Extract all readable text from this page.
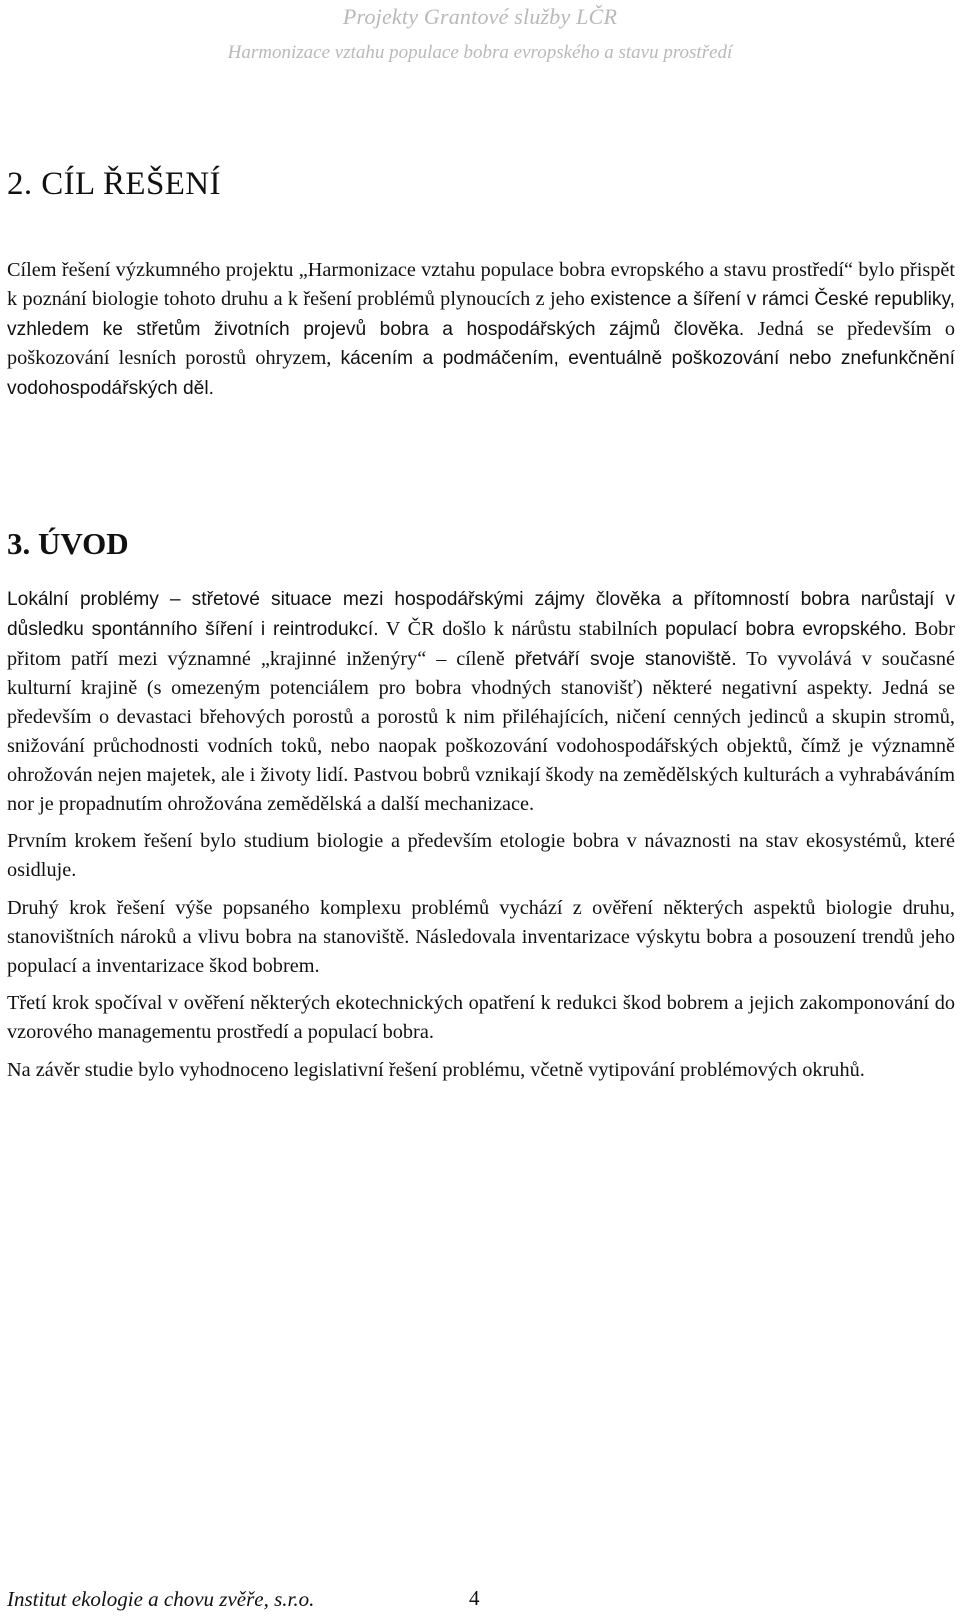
Projekty Grantové služby LČR
Harmonizace vztahu populace bobra evropského a stavu prostředí
2. CÍL ŘEŠENÍ

Cílem řešení výzkumného projektu „Harmonizace vztahu populace bobra evropského a stavu prostředí“ bylo přispět k poznání biologie tohoto druhu a k řešení problémů plynoucích z jeho existence a šíření v rámci České republiky, vzhledem ke střetům životních projevů bobra a hospodářských zájmů člověka. Jedná se především o poškozování lesních porostů ohryzem, kácením a podmáčením, eventuálně poškozování nebo znefunkčnění vodohospodářských děl.

3. ÚVOD

Lokální problémy – střetové situace mezi hospodářskými zájmy člověka a přítomností bobra narůstají v důsledku spontánního šíření i reintrodukcí. V ČR došlo k nárůstu stabilních populací bobra evropského. Bobr přitom patří mezi významné „krajinné inženýry“ – cíleně přetváří svoje stanoviště. To vyvolává v současné kulturní krajině (s omezeným potenciálem pro bobra vhodných stanovišť) některé negativní aspekty. Jedná se především o devastaci břehových porostů a porostů k nim přiléhajících, ničení cenných jedinců a skupin stromů, snižování průchodnosti vodních toků, nebo naopak poškozování vodohospodářských objektů, čímž je významně ohrožován nejen majetek, ale i životy lidí. Pastvou bobrů vznikají škody na zemědělských kulturách a vyhrabáváním nor je propadnutím ohrožována zemědělská a další mechanizace.

Prvním krokem řešení bylo studium biologie a především etologie bobra v návaznosti na stav ekosystémů, které osidluje.

Druhý krok řešení výše popsaného komplexu problémů vychází z ověření některých aspektů biologie druhu, stanovištních nároků a vlivu bobra na stanoviště. Následovala inventarizace výskytu bobra a posouzení trendů jeho populací a inventarizace škod bobrem.

Třetí krok spočíval v ověření některých ekotechnických opatření k redukci škod bobrem a jejich zakomponování do vzorového managementu prostředí a populací bobra.

Na závěr studie bylo vyhodnoceno legislativní řešení problému, včetně vytipování problémových okruhů.

Institut ekologie a chovu zvěře, s.r.o.	4
